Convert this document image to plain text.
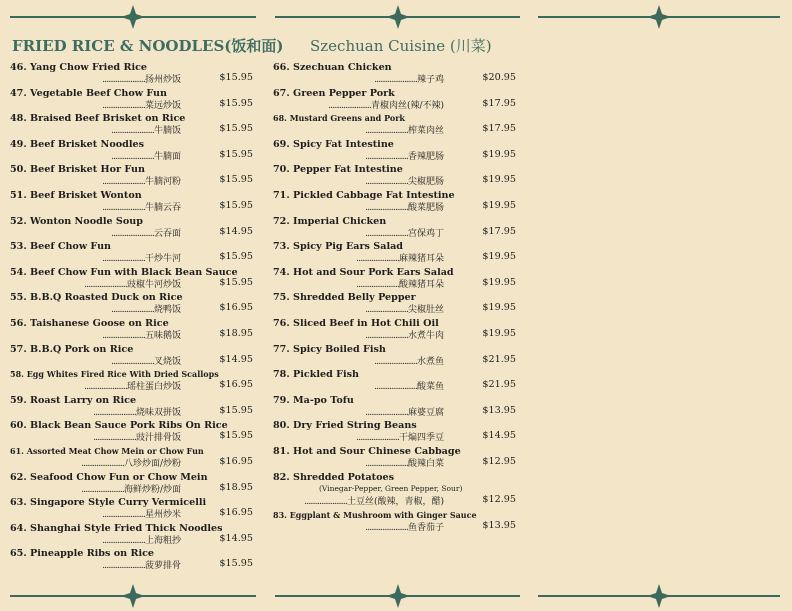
FRIED RICE & NOODLES(饭和面) Szechuan Cuisine (川菜)
46. Yang Chow Fried Rice
.......................扬州炒饭	$15.95
47. Vegetable Beef Chow Fun
.......................菜远炒饭	$15.95
48. Braised Beef Brisket on Rice
.......................牛腩饭	$15.95
49. Beef Brisket Noodles
.......................牛腩面	$15.95
50. Beef Brisket Hor Fun
.......................牛腩河粉	$15.95
51. Beef Brisket Wonton
.......................牛腩云吞	$15.95
52. Wonton Noodle Soup
.......................云吞面	$14.95
53. Beef Chow Fun
.......................干炒牛河	$15.95
54. Beef Chow Fun with Black Bean Sauce
.......................豉椒牛河炒饭	$15.95
55. B.B.Q Roasted Duck on Rice
.......................烧鸭饭	$16.95
56. Taishanese Goose on Rice
.......................五味鹅饭	$18.95
57. B.B.Q Pork on Rice
.......................叉烧饭	$14.95
58. Egg Whites Fired Rice With Dried Scallops
.......................瑶柱蛋白炒饭	$16.95
59. Roast Larry on Rice
.......................烧味双拼饭	$15.95
60. Black Bean Sauce Pork Ribs On Rice
.......................豉汁排骨饭	$15.95
61. Assorted Meat Chow Mein or Chow Fun
.......................八珍炒面/炒粉	$16.95
62. Seafood Chow Fun or Chow Mein
.......................海鲜炒粉/炒面	$18.95
63. Singapore Style Curry Vermicelli
.......................星州炒米	$16.95
64. Shanghai Style Fried Thick Noodles
.......................上海粗抄	$14.95
65. Pineapple Ribs on Rice
.......................菠萝排骨	$15.95
66. Szechuan Chicken
.......................辣子鸡	$20.95
67. Green Pepper Pork
.......................青椒肉丝(辣/不辣)	$17.95
68. Mustard Greens and Pork
.......................榨菜肉丝	$17.95
69. Spicy Fat Intestine
.......................香辣肥肠	$19.95
70. Pepper Fat Intestine
.......................尖椒肥肠	$19.95
71. Pickled Cabbage Fat Intestine
.......................酸菜肥肠	$19.95
72. Imperial Chicken
.......................宫保鸡丁	$17.95
73. Spicy Pig Ears Salad
.......................麻辣猪耳朵	$19.95
74. Hot and Sour Pork Ears Salad
.......................酸辣猪耳朵	$19.95
75. Shredded Belly Pepper
.......................尖椒肚丝	$19.95
76. Sliced Beef in Hot Chili Oil
.......................水煮牛肉	$19.95
77. Spicy Boiled Fish
.......................水煮鱼	$21.95
78. Pickled Fish
.......................酸菜鱼	$21.95
79. Ma-po Tofu
.......................麻婆豆腐	$13.95
80. Dry Fried String Beans
.......................干煸四季豆	$14.95
81. Hot and Sour Chinese Cabbage
.......................酸辣白菜	$12.95
82. Shredded Potatoes
(Vinegar-Pepper, Green Pepper, Sour)
.......................土豆丝(酸辣，青椒，醋)	$12.95
83. Eggplant & Mushroom with Ginger Sauce
.......................鱼香茄子	$13.95
